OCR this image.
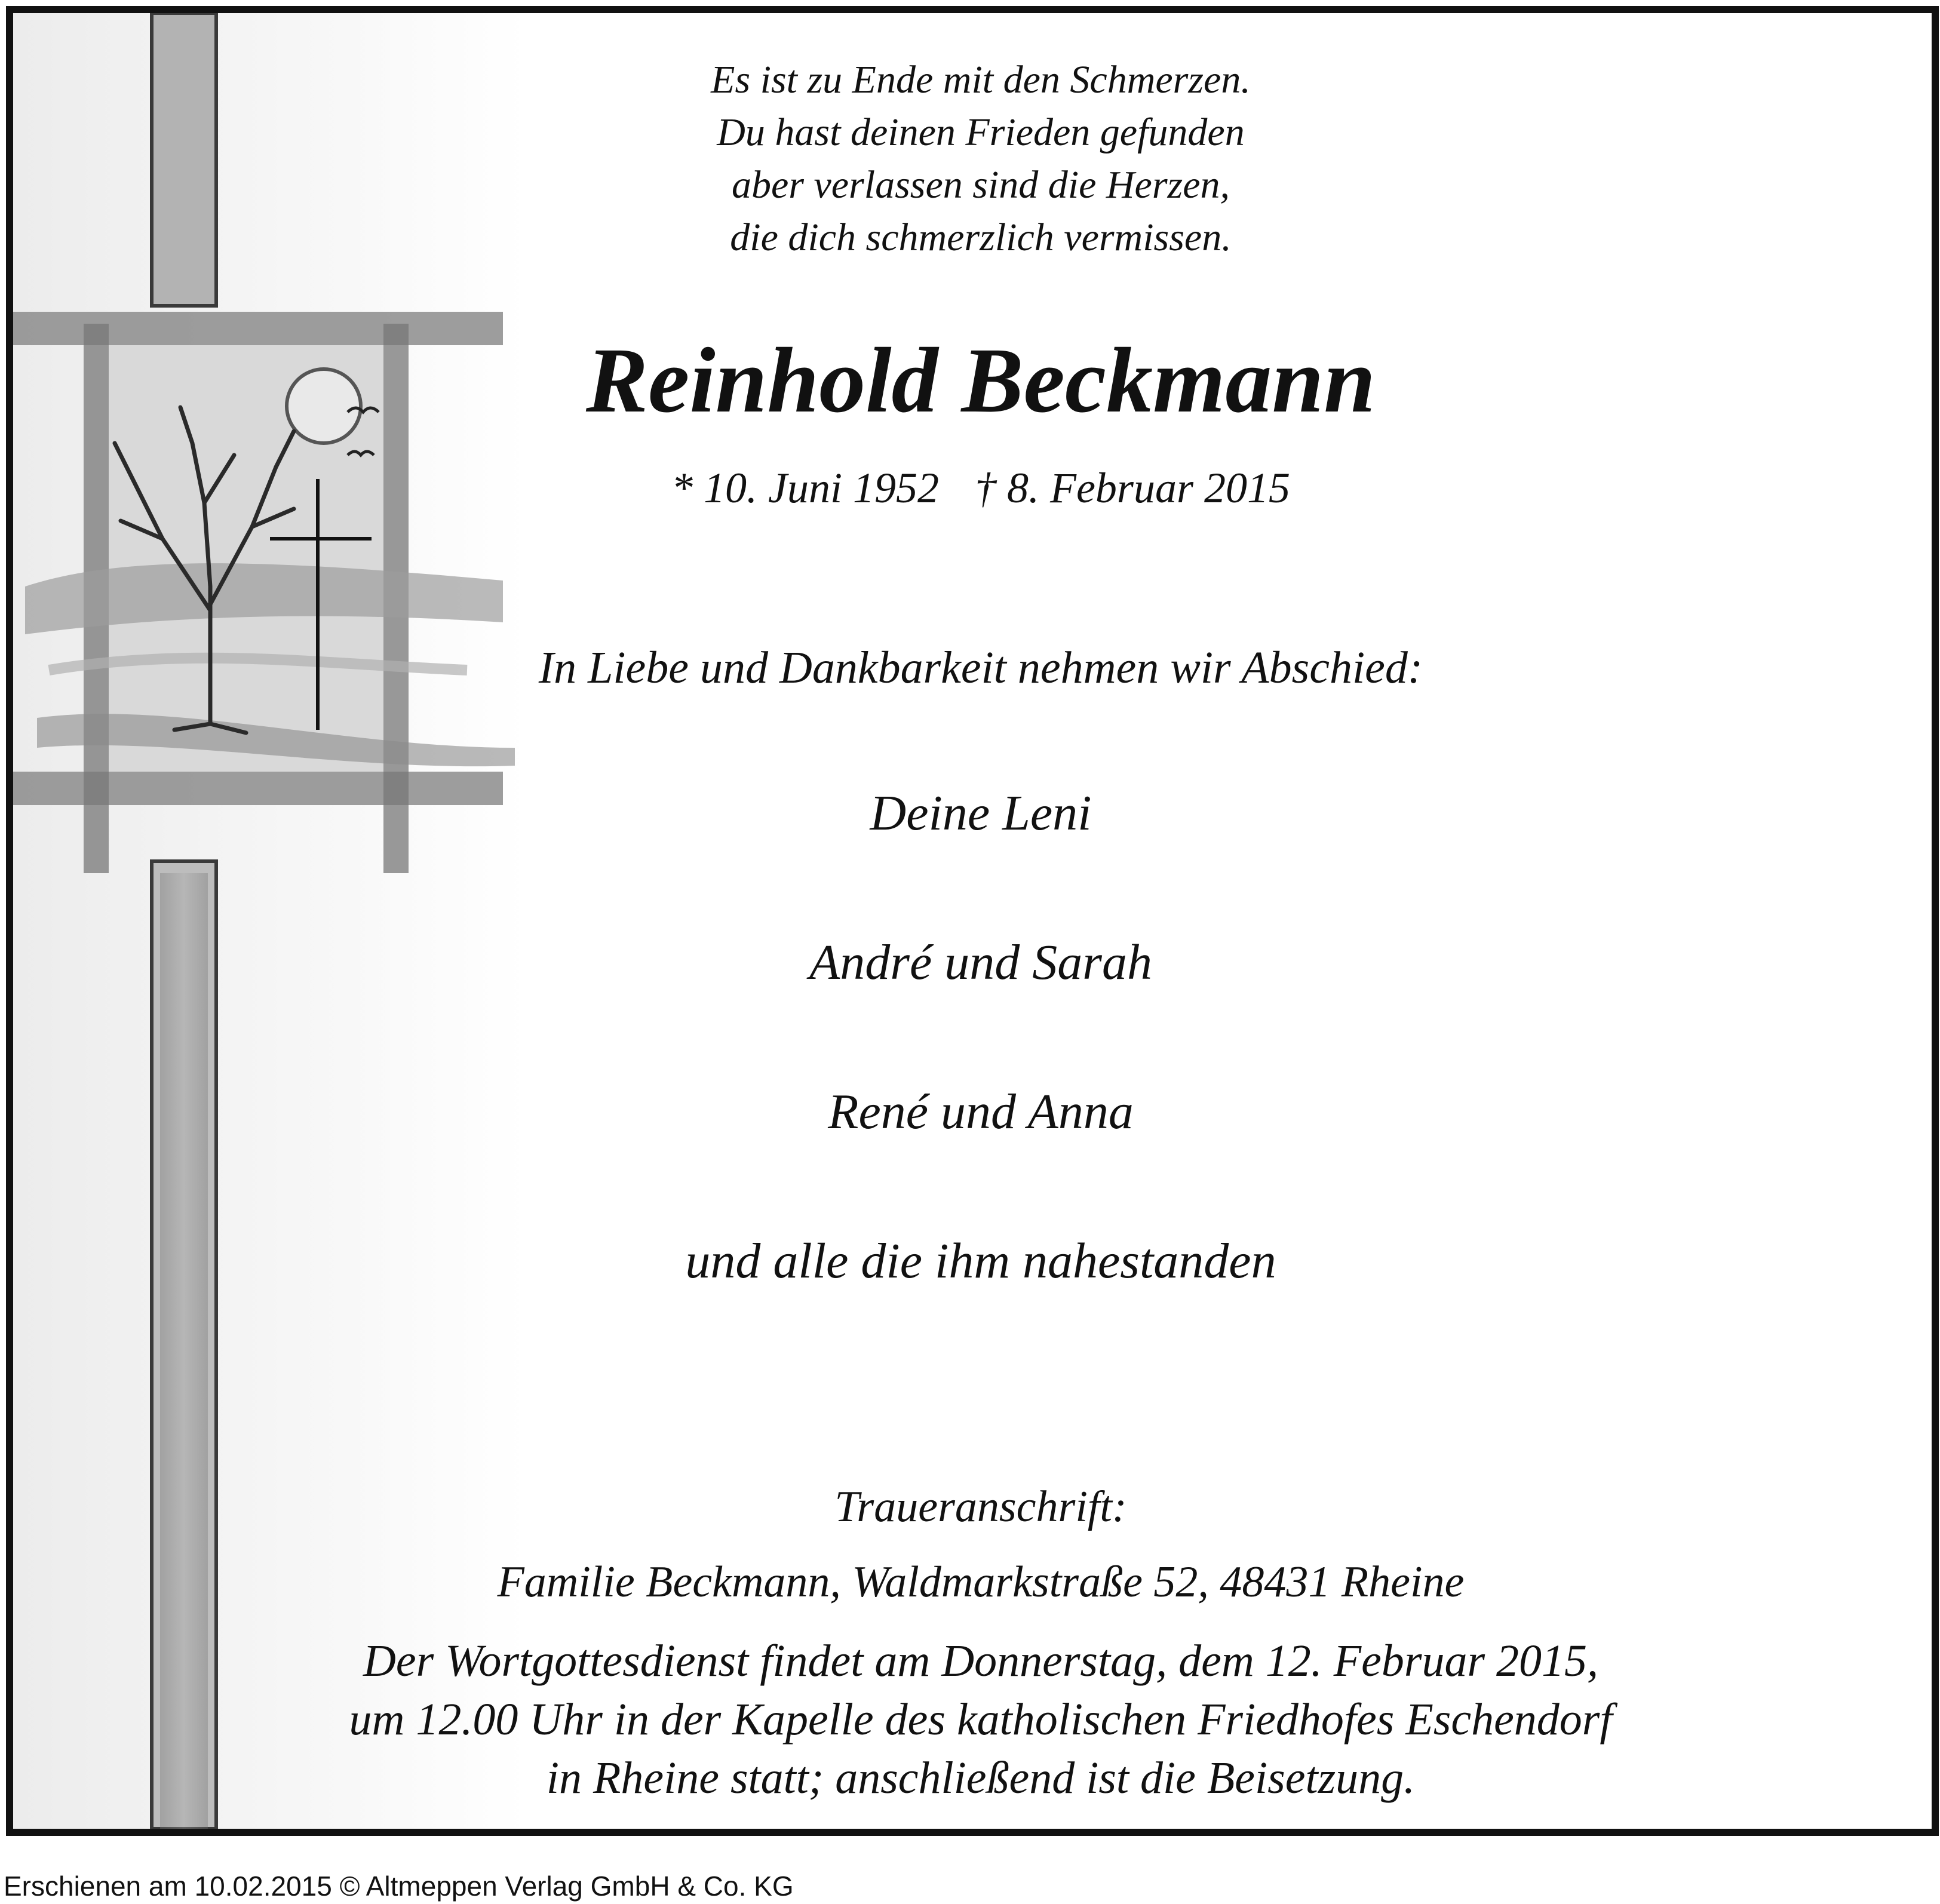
Es ist zu Ende mit den Schmerzen.
Du hast deinen Frieden gefunden
aber verlassen sind die Herzen,
die dich schmerzlich vermissen.
Reinhold Beckmann
* 10. Juni 1952 † 8. Februar 2015
In Liebe und Dankbarkeit nehmen wir Abschied:
Deine Leni
André und Sarah
René und Anna
und alle die ihm nahestanden
Traueranschrift:
Familie Beckmann, Waldmarkstraße 52, 48431 Rheine
Der Wortgottesdienst findet am Donnerstag, dem 12. Februar 2015,
um 12.00 Uhr in der Kapelle des katholischen Friedhofes Eschendorf
in Rheine statt; anschließend ist die Beisetzung.
Erschienen am 10.02.2015 © Altmeppen Verlag GmbH & Co. KG
